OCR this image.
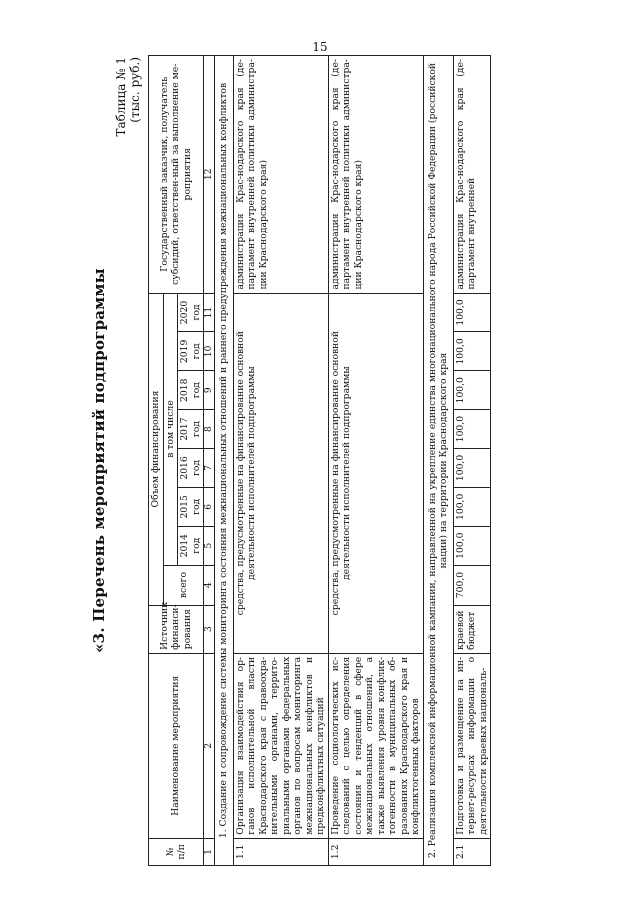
15
«3. Перечень мероприятий подпрограммы
Таблица № 1 (тыс. руб.)
№ п/п	Наименование мероприятия	Источник финанси-рования	Объем финансирования								Государственный заказчик, получатель субсидий, ответствен-ный за выполнение ме-роприятия
			всего	в том числе							
				2014 год	2015 год	2016 год	2017 год	2018 год	2019 год	2020 год	
1	2	3	4	5	6	7	8	9	10	11	12
1. Создание и сопровождение системы мониторинга состояния межнациональных отношений и раннего предупреждения межнациональных конфликтов											
1.1	Организация взаимодействия ор-ганов исполнительной власти Краснодарского края с правоохра-нительными органами, террито-риальными органами федеральных органов по вопросам мониторинга межнациональных конфликтов и предконфликтных ситуаций	средства, предусмотренные на финансирование основной деятельности исполнителей подпрограммы									администрация Крас-нодарского края (де-партамент внутренней политики администра-ции Краснодарского края)
1.2	Проведение социологических ис-следований с целью определения состояния и тенденций в сфере межнациональных отношений, а также выявления уровня конфлик-тогенности в муниципальных об-разованиях Краснодарского края и конфликтогенных факторов	средства, предусмотренные на финансирование основной деятельности исполнителей подпрограммы									администрация Крас-нодарского края (де-партамент внутренней политики администра-ции Краснодарского края)
2. Реализация комплексной информационной кампании, направленной на укрепление единства многонационального народа Российской Федерации (российской нации) на территории Краснодарского края											
2.1	Подготовка и размещение на ин-тернет-ресурсах информации о деятельности краевых националь-	краевой бюджет	700,0	100,0	100,0	100,0	100,0	100,0	100,0	100,0	администрация Крас-нодарского края (де-партамент внутренней
